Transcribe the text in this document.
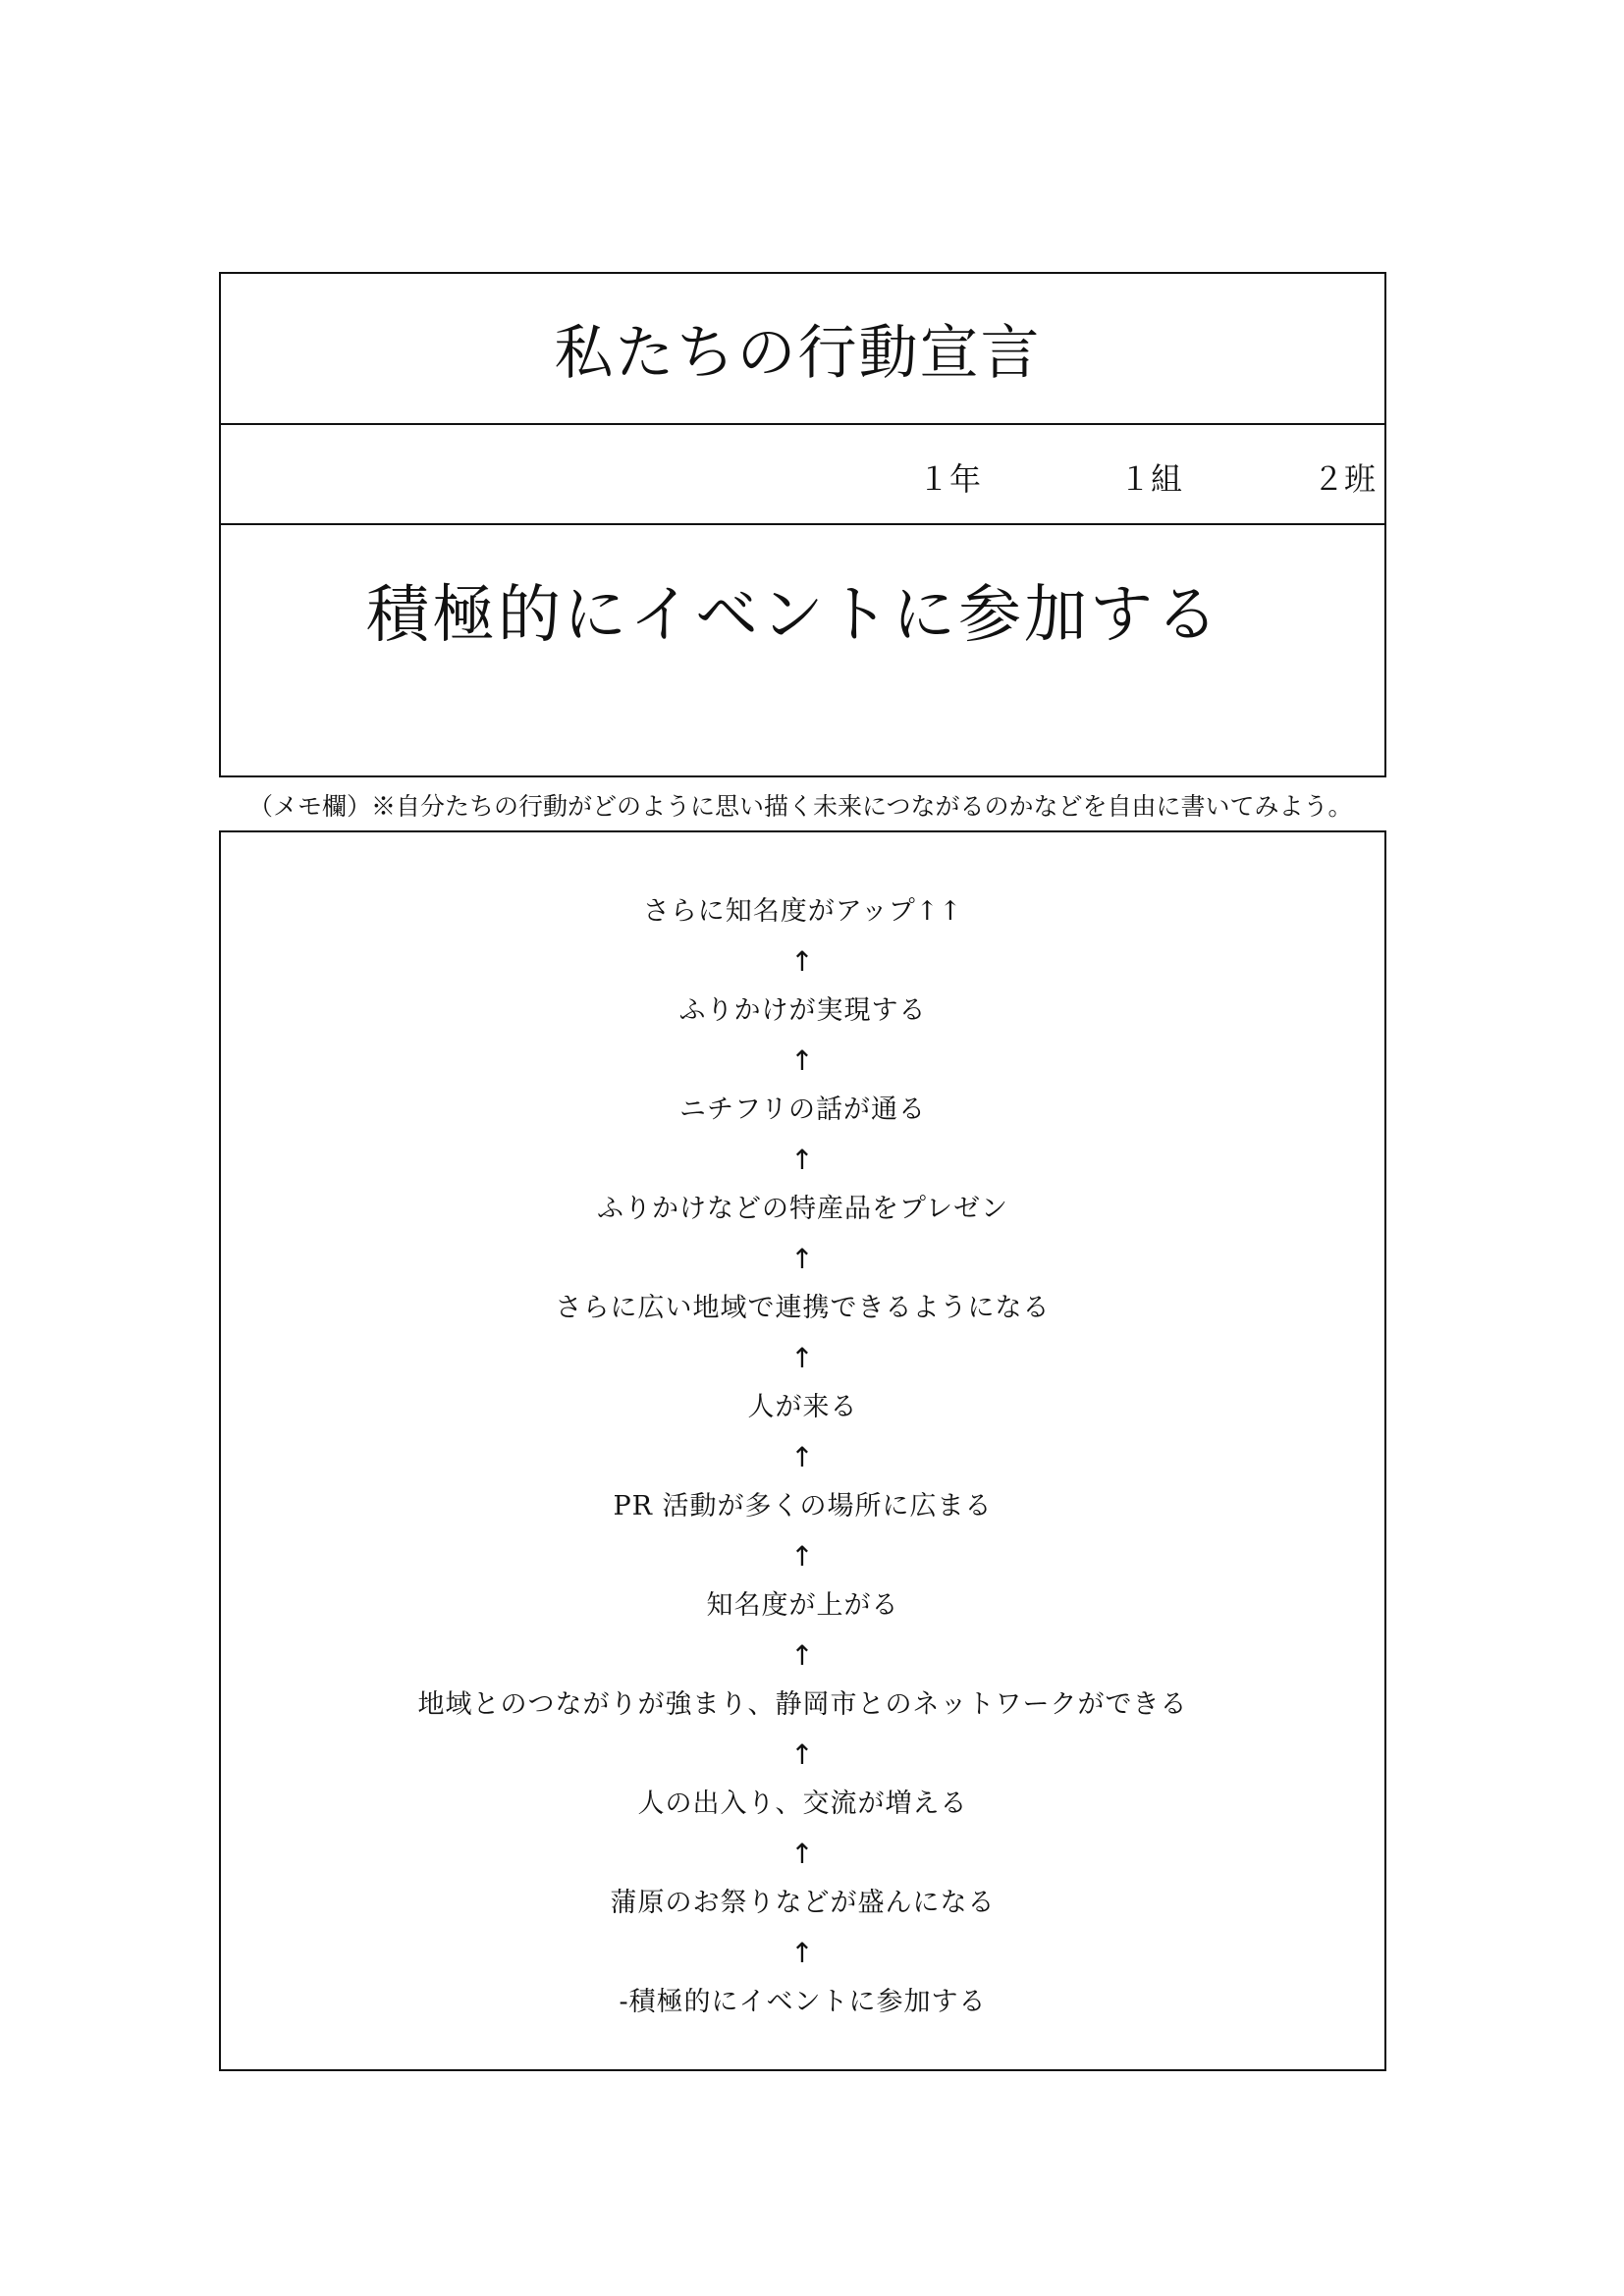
私たちの行動宣言
１年	１組	２班
積極的にイベントに参加する
（メモ欄）※自分たちの行動がどのように思い描く未来につながるのかなどを自由に書いてみよう。
さらに知名度がアップ↑↑
↑
ふりかけが実現する
↑
ニチフリの話が通る
↑
ふりかけなどの特産品をプレゼン
↑
さらに広い地域で連携できるようになる
↑
人が来る
↑
PR 活動が多くの場所に広まる
↑
知名度が上がる
↑
地域とのつながりが強まり、静岡市とのネットワークができる
↑
人の出入り、交流が増える
↑
蒲原のお祭りなどが盛んになる
↑
-積極的にイベントに参加する
